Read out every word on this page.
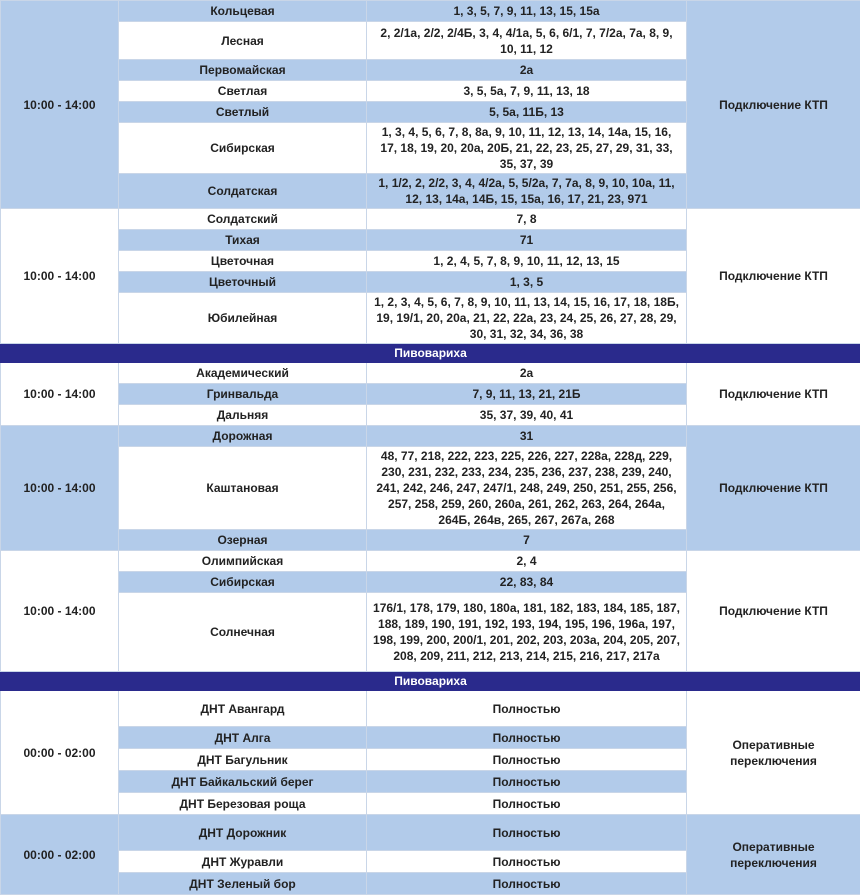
10:00 - 14:00	Кольцевая	1, 3, 5, 7, 9, 11, 13, 15, 15а	Подключение КТП
	Лесная	2, 2/1а, 2/2, 2/4Б, 3, 4, 4/1а, 5, 6, 6/1, 7, 7/2а, 7а, 8, 9, 10, 11, 12	
	Первомайская	2а	
	Светлая	3, 5, 5а, 7, 9, 11, 13, 18	
	Светлый	5, 5а, 11Б, 13	
	Сибирская	1, 3, 4, 5, 6, 7, 8, 8а, 9, 10, 11, 12, 13, 14, 14а, 15, 16, 17, 18, 19, 20, 20а, 20Б, 21, 22, 23, 25, 27, 29, 31, 33, 35, 37, 39	
	Солдатская	1, 1/2, 2, 2/2, 3, 4, 4/2а, 5, 5/2а, 7, 7а, 8, 9, 10, 10а, 11, 12, 13, 14а, 14Б, 15, 15а, 16, 17, 21, 23, 971	
10:00 - 14:00	Солдатский	7, 8	Подключение КТП
	Тихая	71	
	Цветочная	1, 2, 4, 5, 7, 8, 9, 10, 11, 12, 13, 15	
	Цветочный	1, 3, 5	
	Юбилейная	1, 2, 3, 4, 5, 6, 7, 8, 9, 10, 11, 13, 14, 15, 16, 17, 18, 18Б, 19, 19/1, 20, 20а, 21, 22, 22а, 23, 24, 25, 26, 27, 28, 29, 30, 31, 32, 34, 36, 38	
Пивовариха			
10:00 - 14:00	Академический	2а	Подключение КТП
	Гринвальда	7, 9, 11, 13, 21, 21Б	
	Дальняя	35, 37, 39, 40, 41	
10:00 - 14:00	Дорожная	31	Подключение КТП
	Каштановая	48, 77, 218, 222, 223, 225, 226, 227, 228а, 228д, 229, 230, 231, 232, 233, 234, 235, 236, 237, 238, 239, 240, 241, 242, 246, 247, 247/1, 248, 249, 250, 251, 255, 256, 257, 258, 259, 260, 260а, 261, 262, 263, 264, 264а, 264Б, 264в, 265, 267, 267а, 268	
	Озерная	7	
10:00 - 14:00	Олимпийская	2, 4	Подключение КТП
	Сибирская	22, 83, 84	
	Солнечная	176/1, 178, 179, 180, 180а, 181, 182, 183, 184, 185, 187, 188, 189, 190, 191, 192, 193, 194, 195, 196, 196а, 197, 198, 199, 200, 200/1, 201, 202, 203, 203а, 204, 205, 207, 208, 209, 211, 212, 213, 214, 215, 216, 217, 217а	
Пивовариха			
00:00 - 02:00	ДНТ Авангард	Полностью	Оперативные переключения
	ДНТ Алга	Полностью	
	ДНТ Багульник	Полностью	
	ДНТ Байкальский берег	Полностью	
	ДНТ Березовая роща	Полностью	
00:00 - 02:00	ДНТ Дорожник	Полностью	Оперативные переключения
	ДНТ Журавли	Полностью	
	ДНТ Зеленый бор	Полностью	
